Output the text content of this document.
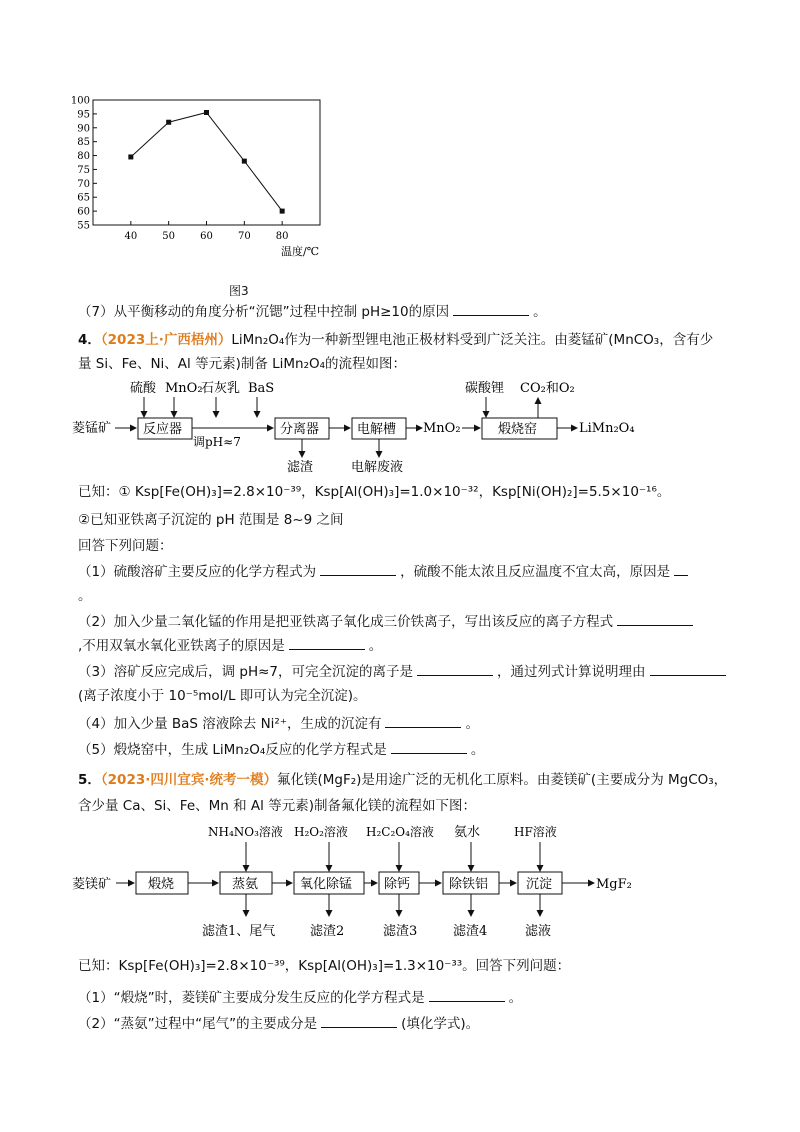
55
60
65
70
75
80
85
90
95
100
40	50	60	70	80
温度/℃
图3
（7）从平衡移动的角度分析“沉锶”过程中控制 pH≥10的原因	。
4．（2023上·广西梧州）LiMn₂O₄作为一种新型锂电池正极材料受到广泛关注。由菱锰矿(MnCO₃，含有少
量 Si、Fe、Ni、Al 等元素)制备 LiMn₂O₄的流程如图：
菱锰矿
硫酸 MnO₂
石灰乳 BaS
反应器
调pH≈7
分离器	电解槽 MnO₂
碳酸锂 CO₂和O₂
煅烧窑	LiMn₂O₄
滤渣	电解废液
已知：① Ksp[Fe(OH)₃]=2.8×10⁻³⁹，Ksp[Al(OH)₃]=1.0×10⁻³²，Ksp[Ni(OH)₂]=5.5×10⁻¹⁶。
②已知亚铁离子沉淀的 pH 范围是 8~9 之间
回答下列问题：
（1）硫酸溶矿主要反应的化学方程式为	，硫酸不能太浓且反应温度不宜太高，原因是
。
（2）加入少量二氧化锰的作用是把亚铁离子氧化成三价铁离子，写出该反应的离子方程式
,不用双氧水氧化亚铁离子的原因是	。
（3）溶矿反应完成后，调 pH≈7，可完全沉淀的离子是	，通过列式计算说明理由
(离子浓度小于 10⁻⁵mol/L 即可认为完全沉淀)。
（4）加入少量 BaS 溶液除去 Ni²⁺，生成的沉淀有	。
（5）煅烧窑中，生成 LiMn₂O₄反应的化学方程式是	。
5．（2023·四川宜宾·统考一模）氟化镁(MgF₂)是用途广泛的无机化工原料。由菱镁矿(主要成分为 MgCO₃，
含少量 Ca、Si、Fe、Mn 和 Al 等元素)制备氟化镁的流程如下图：
菱镁矿	煅烧	蒸氨	氧化除锰 除钙	除铁铝	沉淀	MgF₂
NH₄NO₃溶液 H₂O₂溶液 H₂C₂O₄溶液 氨水	HF溶液
滤渣1、尾气	滤渣2	滤渣3	滤渣4	滤液
已知：Ksp[Fe(OH)₃]=2.8×10⁻³⁹，Ksp[Al(OH)₃]=1.3×10⁻³³。回答下列问题：
（1）“煅烧”时，菱镁矿主要成分发生反应的化学方程式是	。
（2）“蒸氨”过程中“尾气”的主要成分是	(填化学式)。
